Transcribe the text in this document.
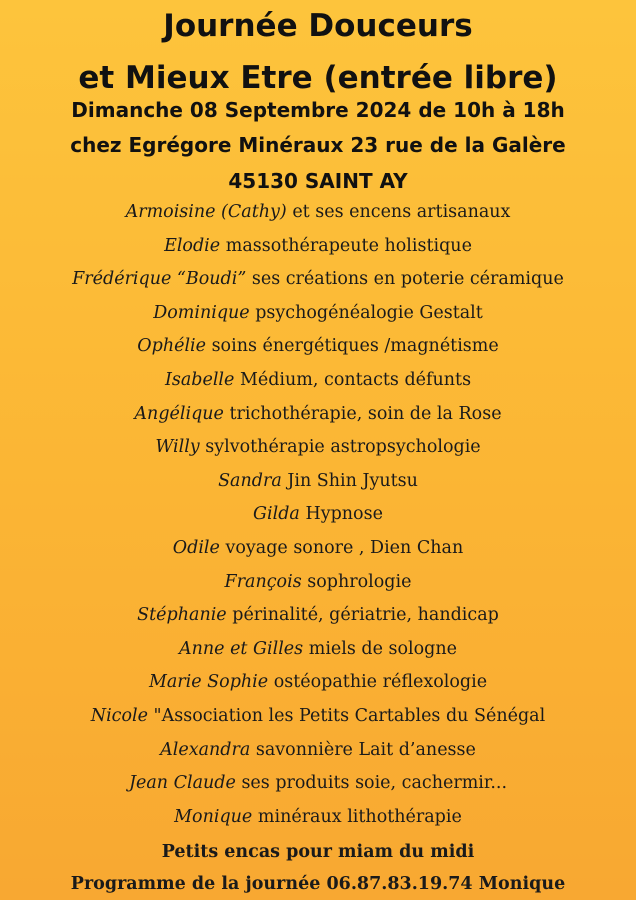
Journée Douceurs
et Mieux Etre (entrée libre)
Dimanche 08 Septembre 2024 de 10h à 18h
chez Egrégore Minéraux 23 rue de la Galère
45130 SAINT AY
Armoisine (Cathy) et ses encens artisanaux
Elodie massothérapeute holistique
Frédérique “Boudi” ses créations en poterie céramique
Dominique psychogénéalogie Gestalt
Ophélie soins énergétiques /magnétisme
Isabelle Médium, contacts défunts
Angélique trichothérapie, soin de la Rose
Willy sylvothérapie astropsychologie
Sandra Jin Shin Jyutsu
Gilda Hypnose
Odile voyage sonore , Dien Chan
François sophrologie
Stéphanie périnalité, gériatrie, handicap
Anne et Gilles miels de sologne
Marie Sophie ostéopathie réflexologie
Nicole "Association les Petits Cartables du Sénégal
Alexandra savonnière Lait d’anesse
Jean Claude ses produits soie, cachermir...
Monique minéraux lithothérapie
Petits encas pour miam du midi
Programme de la journée 06.87.83.19.74 Monique
